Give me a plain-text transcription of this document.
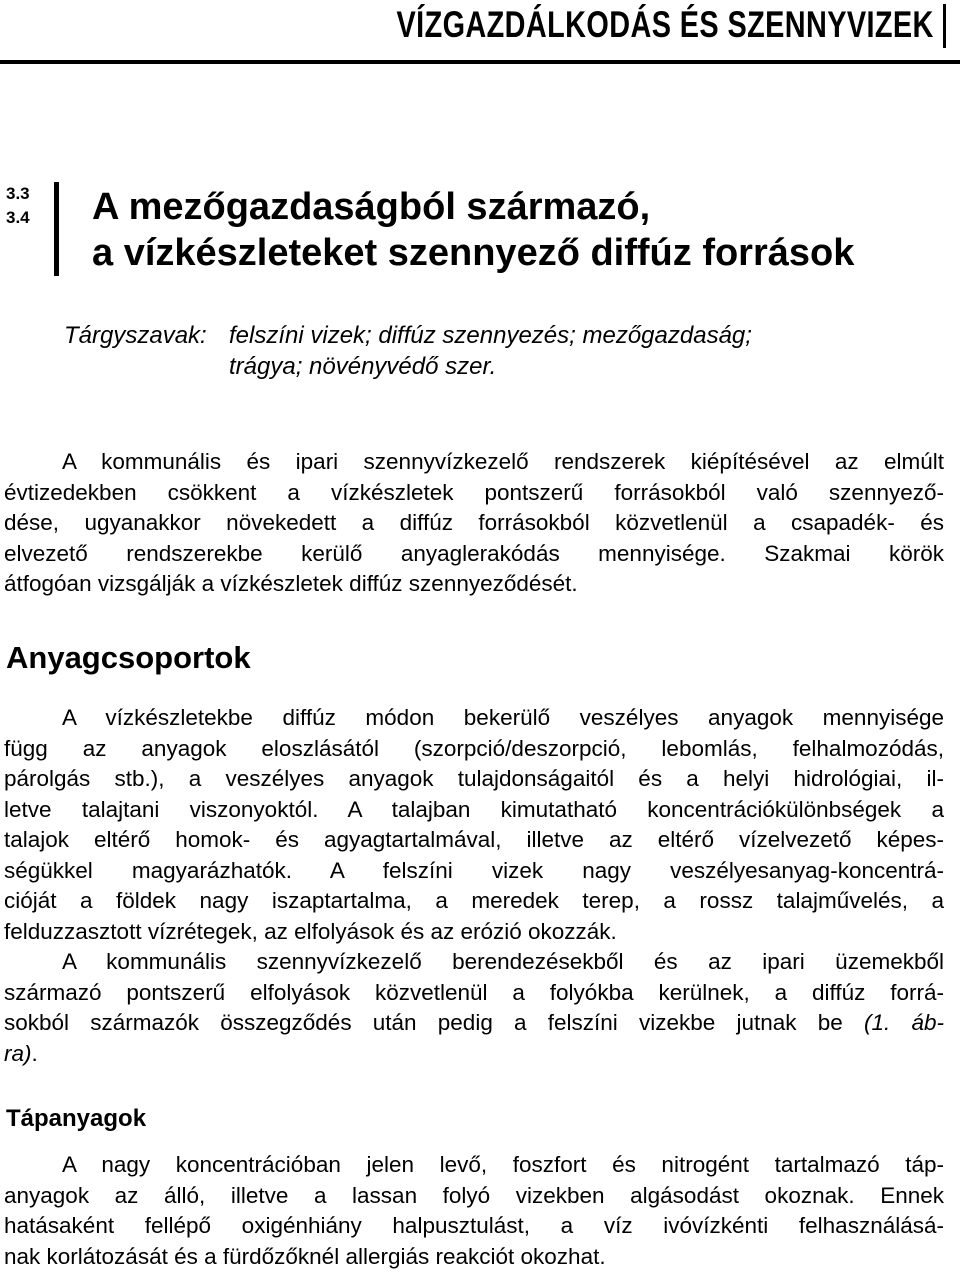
VÍZGAZDÁLKODÁS ÉS SZENNYVIZEK
3.3
3.4 A mezőgazdaságból származó,
a vízkészleteket szennyező diffúz források
Tárgyszavak: felszíni vizek; diffúz szennyezés; mezőgazdaság;
trágya; növényvédő szer.
A kommunális és ipari szennyvízkezelő rendszerek kiépítésével az elmúlt
évtizedekben csökkent a vízkészletek pontszerű forrásokból való szennyező-
dése, ugyanakkor növekedett a diffúz forrásokból közvetlenül a csapadék- és
elvezető rendszerekbe kerülő anyaglerakódás mennyisége. Szakmai körök
átfogóan vizsgálják a vízkészletek diffúz szennyeződését.
Anyagcsoportok
A vízkészletekbe diffúz módon bekerülő veszélyes anyagok mennyisége
függ az anyagok eloszlásától (szorpció/deszorpció, lebomlás, felhalmozódás,
párolgás stb.), a veszélyes anyagok tulajdonságaitól és a helyi hidrológiai, il-
letve talajtani viszonyoktól. A talajban kimutatható koncentrációkülönbségek a
talajok eltérő homok- és agyagtartalmával, illetve az eltérő vízelvezető képes-
ségükkel magyarázhatók. A felszíni vizek nagy veszélyesanyag-koncentrá-
cióját a földek nagy iszaptartalma, a meredek terep, a rossz talajművelés, a
felduzzasztott vízrétegek, az elfolyások és az erózió okozzák.
A kommunális szennyvízkezelő berendezésekből és az ipari üzemekből
származó pontszerű elfolyások közvetlenül a folyókba kerülnek, a diffúz forrá-
sokból származók összegződés után pedig a felszíni vizekbe jutnak be (1. áb-
ra).
Tápanyagok
A nagy koncentrációban jelen levő, foszfort és nitrogént tartalmazó táp-
anyagok az álló, illetve a lassan folyó vizekben algásodást okoznak. Ennek
hatásaként fellépő oxigénhiány halpusztulást, a víz ivóvízkénti felhasználásá-
nak korlátozását és a fürdőzőknél allergiás reakciót okozhat.
